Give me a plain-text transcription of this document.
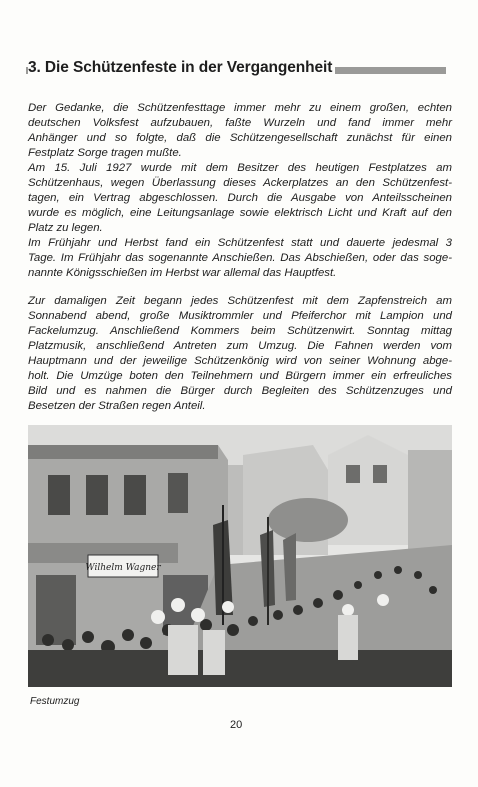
3. Die Schützenfeste in der Vergangenheit
Der Gedanke, die Schützenfesttage immer mehr zu einem großen, echten
deutschen Volksfest aufzubauen, faßte Wurzeln und fand immer mehr
Anhänger und so folgte, daß die Schützengesellschaft zunächst für einen
Festplatz Sorge tragen mußte.
Am 15. Juli 1927 wurde mit dem Besitzer des heutigen Festplatzes am
Schützenhaus, wegen Überlassung dieses Ackerplatzes an den Schützenfest-
tagen, ein Vertrag abgeschlossen. Durch die Ausgabe von Anteilsscheinen
wurde es möglich, eine Leitungsanlage sowie elektrisch Licht und Kraft auf den
Platz zu legen.
Im Frühjahr und Herbst fand ein Schützenfest statt und dauerte jedesmal 3
Tage. Im Frühjahr das sogenannte Anschießen. Das Abschießen, oder das soge-
nannte Königsschießen im Herbst war allemal das Hauptfest.
Zur damaligen Zeit begann jedes Schützenfest mit dem Zapfenstreich am
Sonnabend abend, große Musiktrommler und Pfeiferchor mit Lampion und
Fackelumzug. Anschließend Kommers beim Schützenwirt. Sonntag mittag
Platzmusik, anschließend Antreten zum Umzug. Die Fahnen werden vom
Hauptmann und der jeweilige Schützenkönig wird von seiner Wohnung abge-
holt. Die Umzüge boten den Teilnehmern und Bürgern immer ein erfreuliches
Bild und es nahmen die Bürger durch Begleiten des Schützenzuges und
Besetzen der Straßen regen Anteil.
Wilhelm Wagner

Festumzug

20
